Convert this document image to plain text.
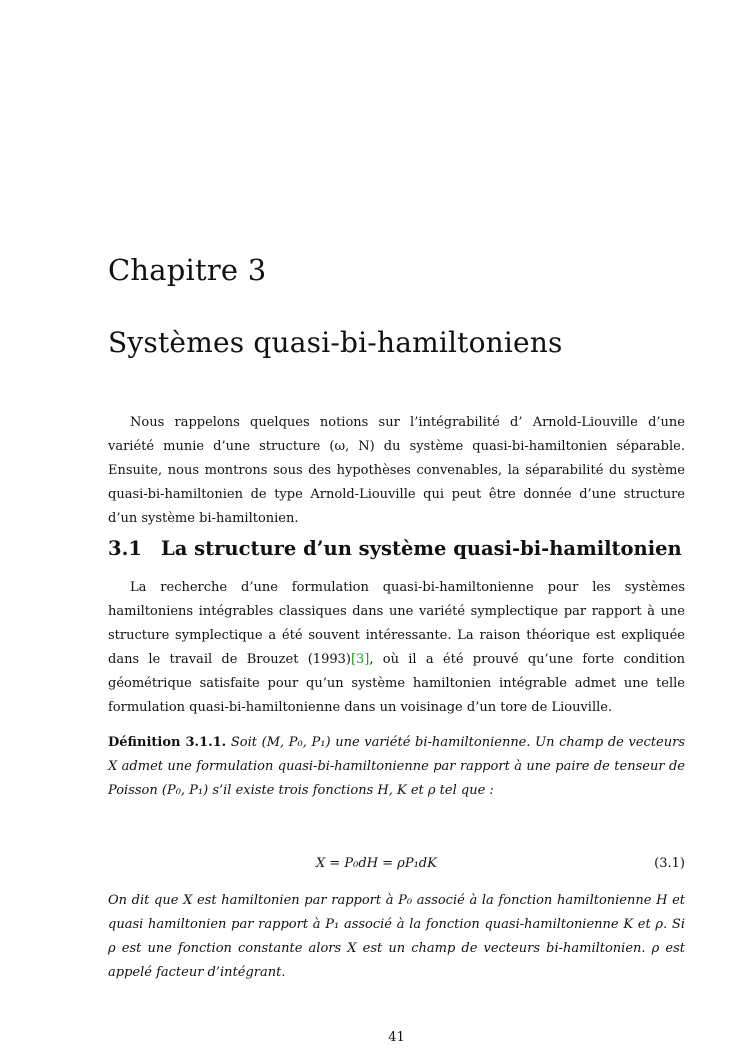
Chapitre 3
Systèmes quasi-bi-hamiltoniens

Nous rappelons quelques notions sur l’intégrabilité d’ Arnold-Liouville d’une variété munie d’une structure (ω, N) du système quasi-bi-hamiltonien séparable. Ensuite, nous montrons sous des hypothèses convenables, la séparabilité du système quasi-bi-hamiltonien de type Arnold-Liouville qui peut être donnée d’une structure d’un système bi-hamiltonien.

3.1 La structure d’un système quasi-bi-hamiltonien

La recherche d’une formulation quasi-bi-hamiltonienne pour les systèmes hamiltoniens intégrables classiques dans une variété symplectique par rapport à une structure symplectique a été souvent intéressante. La raison théorique est expliquée dans le travail de Brouzet (1993)[3], où il a été prouvé qu’une forte condition géométrique satisfaite pour qu’un système hamiltonien intégrable admet une telle formulation quasi-bi-hamiltonienne dans un voisinage d’un tore de Liouville.

Définition 3.1.1. Soit (M, P₀, P₁) une variété bi-hamiltonienne. Un champ de vecteurs X admet une formulation quasi-bi-hamiltonienne par rapport à une paire de tenseur de Poisson (P₀, P₁) s’il existe trois fonctions H, K et ρ tel que :

X = P₀dH = ρP₁dK	(3.1)

On dit que X est hamiltonien par rapport à P₀ associé à la fonction hamiltonienne H et quasi hamiltonien par rapport à P₁ associé à la fonction quasi-hamiltonienne K et ρ. Si ρ est une fonction constante alors X est un champ de vecteurs bi-hamiltonien. ρ est appelé facteur d’intégrant.

41
